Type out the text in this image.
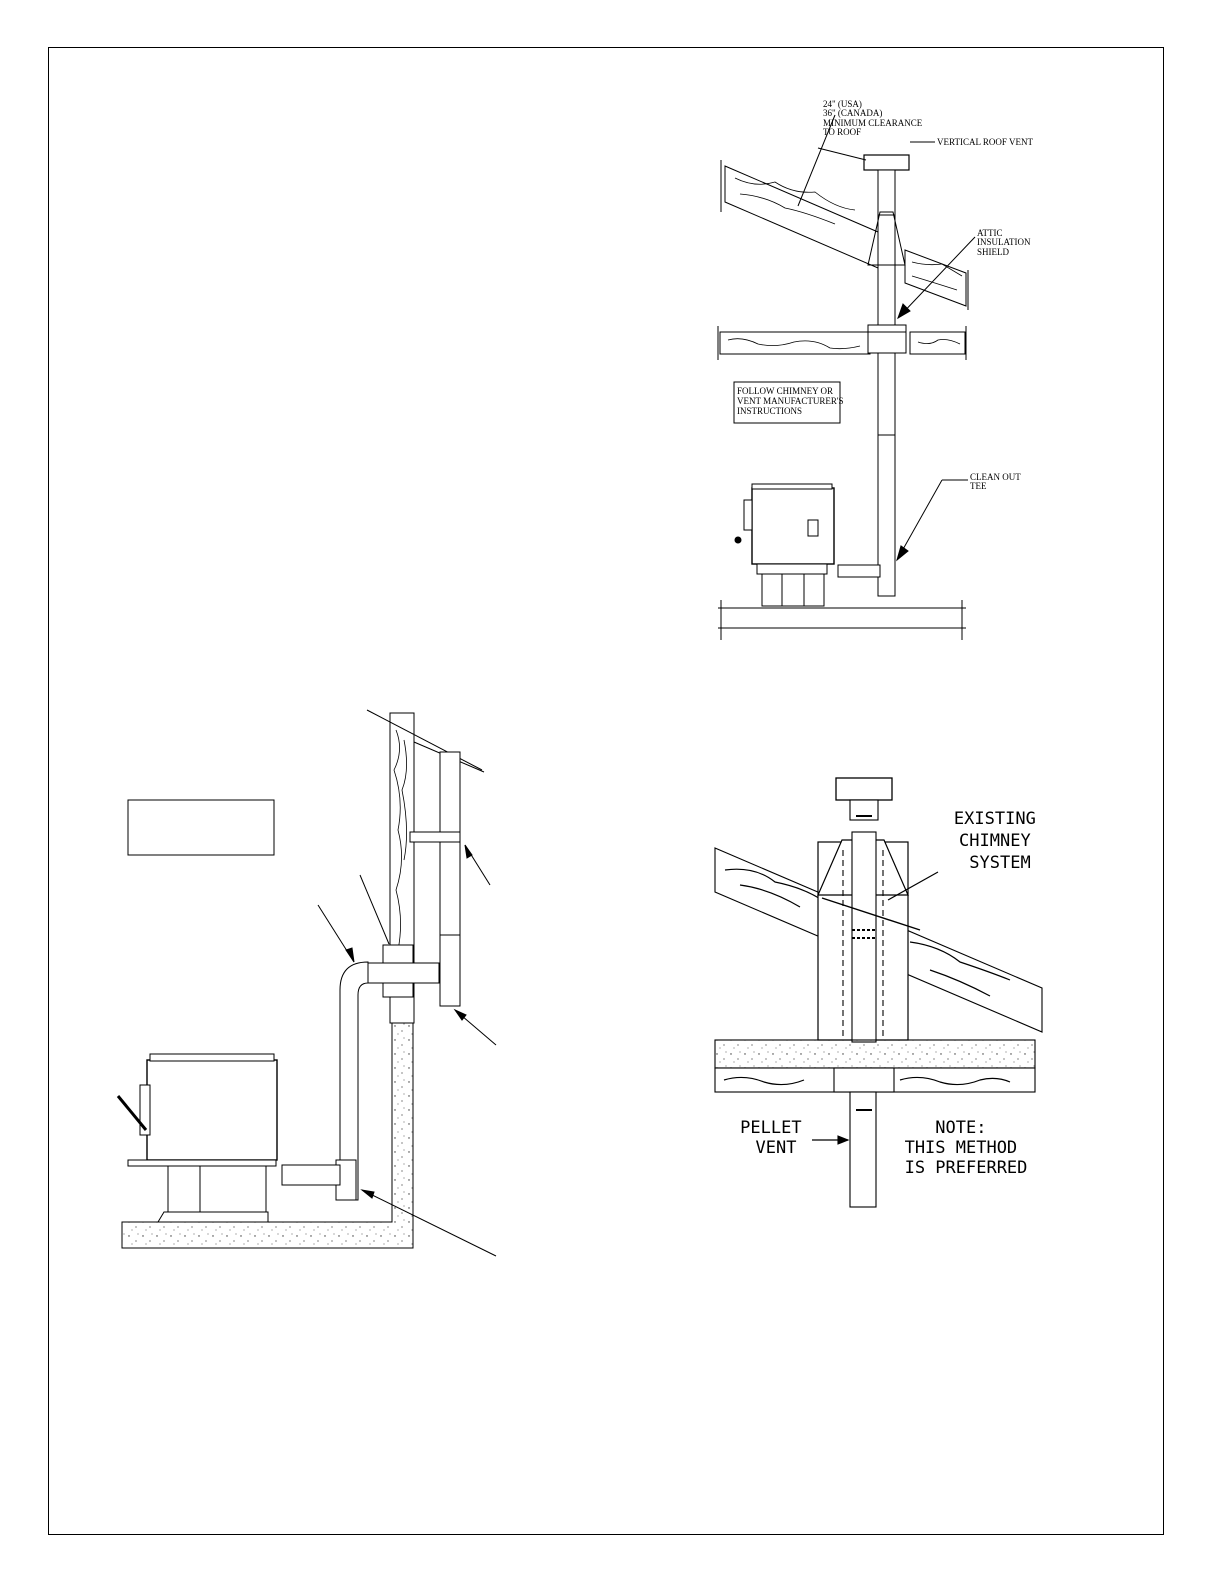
24" (USA) 36" (CANADA) MINIMUM CLEARANCE TO ROOF
VERTICAL ROOF VENT
ATTIC INSULATION SHIELD
FOLLOW CHIMNEY OR VENT MANUFACTURER'S INSTRUCTIONS
CLEAN OUT TEE
EXISTING CHIMNEY SYSTEM
PELLET VENT
NOTE: THIS METHOD IS PREFERRED
